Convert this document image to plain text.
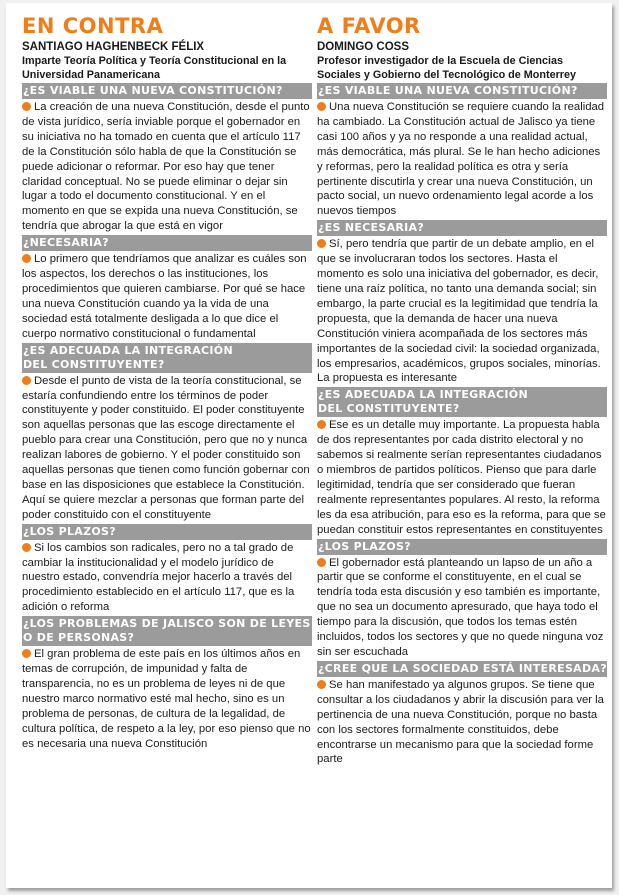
EN CONTRA
SANTIAGO HAGHENBECK FÉLIX
Imparte Teoría Política y Teoría Constitucional en la Universidad Panamericana
¿ES VIABLE UNA NUEVA CONSTITUCIÓN?

La creación de una nueva Constitución, desde el punto de vista jurídico, sería inviable porque el gobernador en su iniciativa no ha tomado en cuenta que el artículo 117 de la Constitución sólo habla de que la Constitución se puede adicionar o reformar. Por eso hay que tener claridad conceptual. No se puede eliminar o dejar sin lugar a todo el documento constitucional. Y en el momento en que se expida una nueva Constitución, se tendría que abrogar la que está en vigor

¿NECESARIA?

Lo primero que tendríamos que analizar es cuáles son los aspectos, los derechos o las instituciones, los procedimientos que quieren cambiarse. Por qué se hace una nueva Constitución cuando ya la vida de una sociedad está totalmente desligada a lo que dice el cuerpo normativo constitucional o fundamental

¿ES ADECUADA LA INTEGRACIÓN
DEL CONSTITUYENTE?

Desde el punto de vista de la teoría constitucional, se estaría confundiendo entre los términos de poder constituyente y poder constituido. El poder constituyente son aquellas personas que las escoge directamente el pueblo para crear una Constitución, pero que no y nunca realizan labores de gobierno. Y el poder constituido son aquellas personas que tienen como función gobernar con base en las disposiciones que establece la Constitución. Aquí se quiere mezclar a personas que forman parte del poder constituido con el constituyente

¿LOS PLAZOS?

Si los cambios son radicales, pero no a tal grado de cambiar la institucionalidad y el modelo jurídico de nuestro estado, convendría mejor hacerlo a través del procedimiento establecido en el artículo 117, que es la adición o reforma

¿LOS PROBLEMAS DE JALISCO SON DE LEYES
O DE PERSONAS?

El gran problema de este país en los últimos años en temas de corrupción, de impunidad y falta de transparencia, no es un problema de leyes ni de que nuestro marco normativo esté mal hecho, sino es un problema de personas, de cultura de la legalidad, de cultura política, de respeto a la ley, por eso pienso que no es necesaria una nueva Constitución

A FAVOR
DOMINGO COSS
Profesor investigador de la Escuela de Ciencias Sociales y Gobierno del Tecnológico de Monterrey
¿ES VIABLE UNA NUEVA CONSTITUCIÓN?

Una nueva Constitución se requiere cuando la realidad ha cambiado. La Constitución actual de Jalisco ya tiene casi 100 años y ya no responde a una realidad actual, más democrática, más plural. Se le han hecho adiciones y reformas, pero la realidad política es otra y sería pertinente discutirla y crear una nueva Constitución, un pacto social, un nuevo ordenamiento legal acorde a los nuevos tiempos

¿ES NECESARIA?

Sí, pero tendría que partir de un debate amplio, en el que se involucraran todos los sectores. Hasta el momento es solo una iniciativa del gobernador, es decir, tiene una raíz política, no tanto una demanda social; sin embargo, la parte crucial es la legitimidad que tendría la propuesta, que la demanda de hacer una nueva Constitución viniera acompañada de los sectores más importantes de la sociedad civil: la sociedad organizada, los empresarios, académicos, grupos sociales, minorías. La propuesta es interesante

¿ES ADECUADA LA INTEGRACIÓN
DEL CONSTITUYENTE?

Ese es un detalle muy importante. La propuesta habla de dos representantes por cada distrito electoral y no sabemos si realmente serían representantes ciudadanos o miembros de partidos políticos. Pienso que para darle legitimidad, tendría que ser considerado que fueran realmente representantes populares. Al resto, la reforma les da esa atribución, para eso es la reforma, para que se puedan constituir estos representantes en constituyentes

¿LOS PLAZOS?

El gobernador está planteando un lapso de un año a partir que se conforme el constituyente, en el cual se tendría toda esta discusión y eso también es importante, que no sea un documento apresurado, que haya todo el tiempo para la discusión, que todos los temas estén incluidos, todos los sectores y que no quede ninguna voz sin ser escuchada

¿CREE QUE LA SOCIEDAD ESTÁ INTERESADA?

Se han manifestado ya algunos grupos. Se tiene que consultar a los ciudadanos y abrir la discusión para ver la pertinencia de una nueva Constitución, porque no basta con los sectores formalmente constituidos, debe encontrarse un mecanismo para que la sociedad forme parte
